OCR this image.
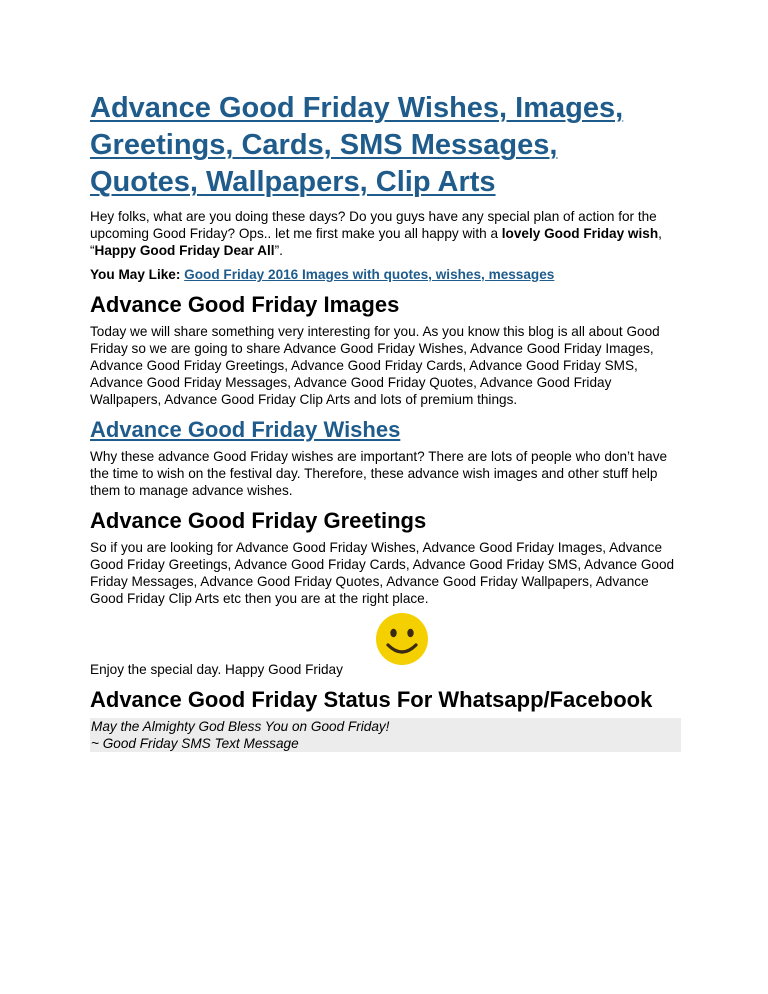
Advance Good Friday Wishes, Images,
Greetings, Cards, SMS Messages,
Quotes, Wallpapers, Clip Arts

Hey folks, what are you doing these days? Do you guys have any special plan of action for the upcoming Good Friday? Ops.. let me first make you all happy with a lovely Good Friday wish, “Happy Good Friday Dear All”.

You May Like: Good Friday 2016 Images with quotes, wishes, messages

Advance Good Friday Images

Today we will share something very interesting for you. As you know this blog is all about Good Friday so we are going to share Advance Good Friday Wishes, Advance Good Friday Images, Advance Good Friday Greetings, Advance Good Friday Cards, Advance Good Friday SMS, Advance Good Friday Messages, Advance Good Friday Quotes, Advance Good Friday Wallpapers, Advance Good Friday Clip Arts and lots of premium things.

Advance Good Friday Wishes

Why these advance Good Friday wishes are important? There are lots of people who don’t have the time to wish on the festival day. Therefore, these advance wish images and other stuff help them to manage advance wishes.

Advance Good Friday Greetings

So if you are looking for Advance Good Friday Wishes, Advance Good Friday Images, Advance Good Friday Greetings, Advance Good Friday Cards, Advance Good Friday SMS, Advance Good Friday Messages, Advance Good Friday Quotes, Advance Good Friday Wallpapers, Advance Good Friday Clip Arts etc then you are at the right place.

Enjoy the special day. Happy Good Friday

Advance Good Friday Status For Whatsapp/Facebook
May the Almighty God Bless You on Good Friday!
~ Good Friday SMS Text Message
